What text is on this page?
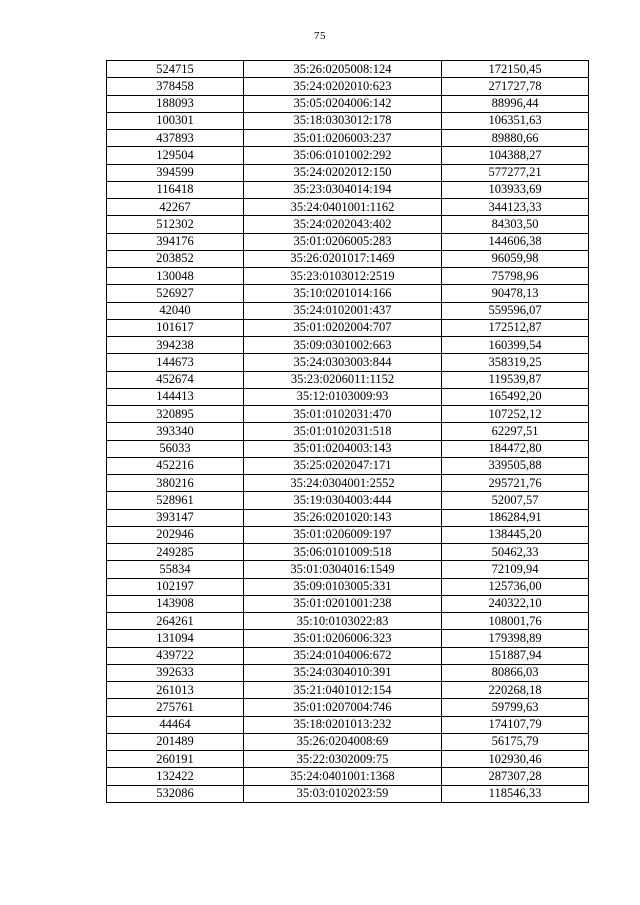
75
524715	35:26:0205008:124	172150,45
378458	35:24:0202010:623	271727,78
188093	35:05:0204006:142	88996,44
100301	35:18:0303012:178	106351,63
437893	35:01:0206003:237	89880,66
129504	35:06:0101002:292	104388,27
394599	35:24:0202012:150	577277,21
116418	35:23:0304014:194	103933,69
42267	35:24:0401001:1162	344123,33
512302	35:24:0202043:402	84303,50
394176	35:01:0206005:283	144606,38
203852	35:26:0201017:1469	96059,98
130048	35:23:0103012:2519	75798,96
526927	35:10:0201014:166	90478,13
42040	35:24:0102001:437	559596,07
101617	35:01:0202004:707	172512,87
394238	35:09:0301002:663	160399,54
144673	35:24:0303003:844	358319,25
452674	35:23:0206011:1152	119539,87
144413	35:12:0103009:93	165492,20
320895	35:01:0102031:470	107252,12
393340	35:01:0102031:518	62297,51
56033	35:01:0204003:143	184472,80
452216	35:25:0202047:171	339505,88
380216	35:24:0304001:2552	295721,76
528961	35:19:0304003:444	52007,57
393147	35:26:0201020:143	186284,91
202946	35:01:0206009:197	138445,20
249285	35:06:0101009:518	50462,33
55834	35:01:0304016:1549	72109,94
102197	35:09:0103005:331	125736,00
143908	35:01:0201001:238	240322,10
264261	35:10:0103022:83	108001,76
131094	35:01:0206006:323	179398,89
439722	35:24:0104006:672	151887,94
392633	35:24:0304010:391	80866,03
261013	35:21:0401012:154	220268,18
275761	35:01:0207004:746	59799,63
44464	35:18:0201013:232	174107,79
201489	35:26:0204008:69	56175,79
260191	35:22:0302009:75	102930,46
132422	35:24:0401001:1368	287307,28
532086	35:03:0102023:59	118546,33
